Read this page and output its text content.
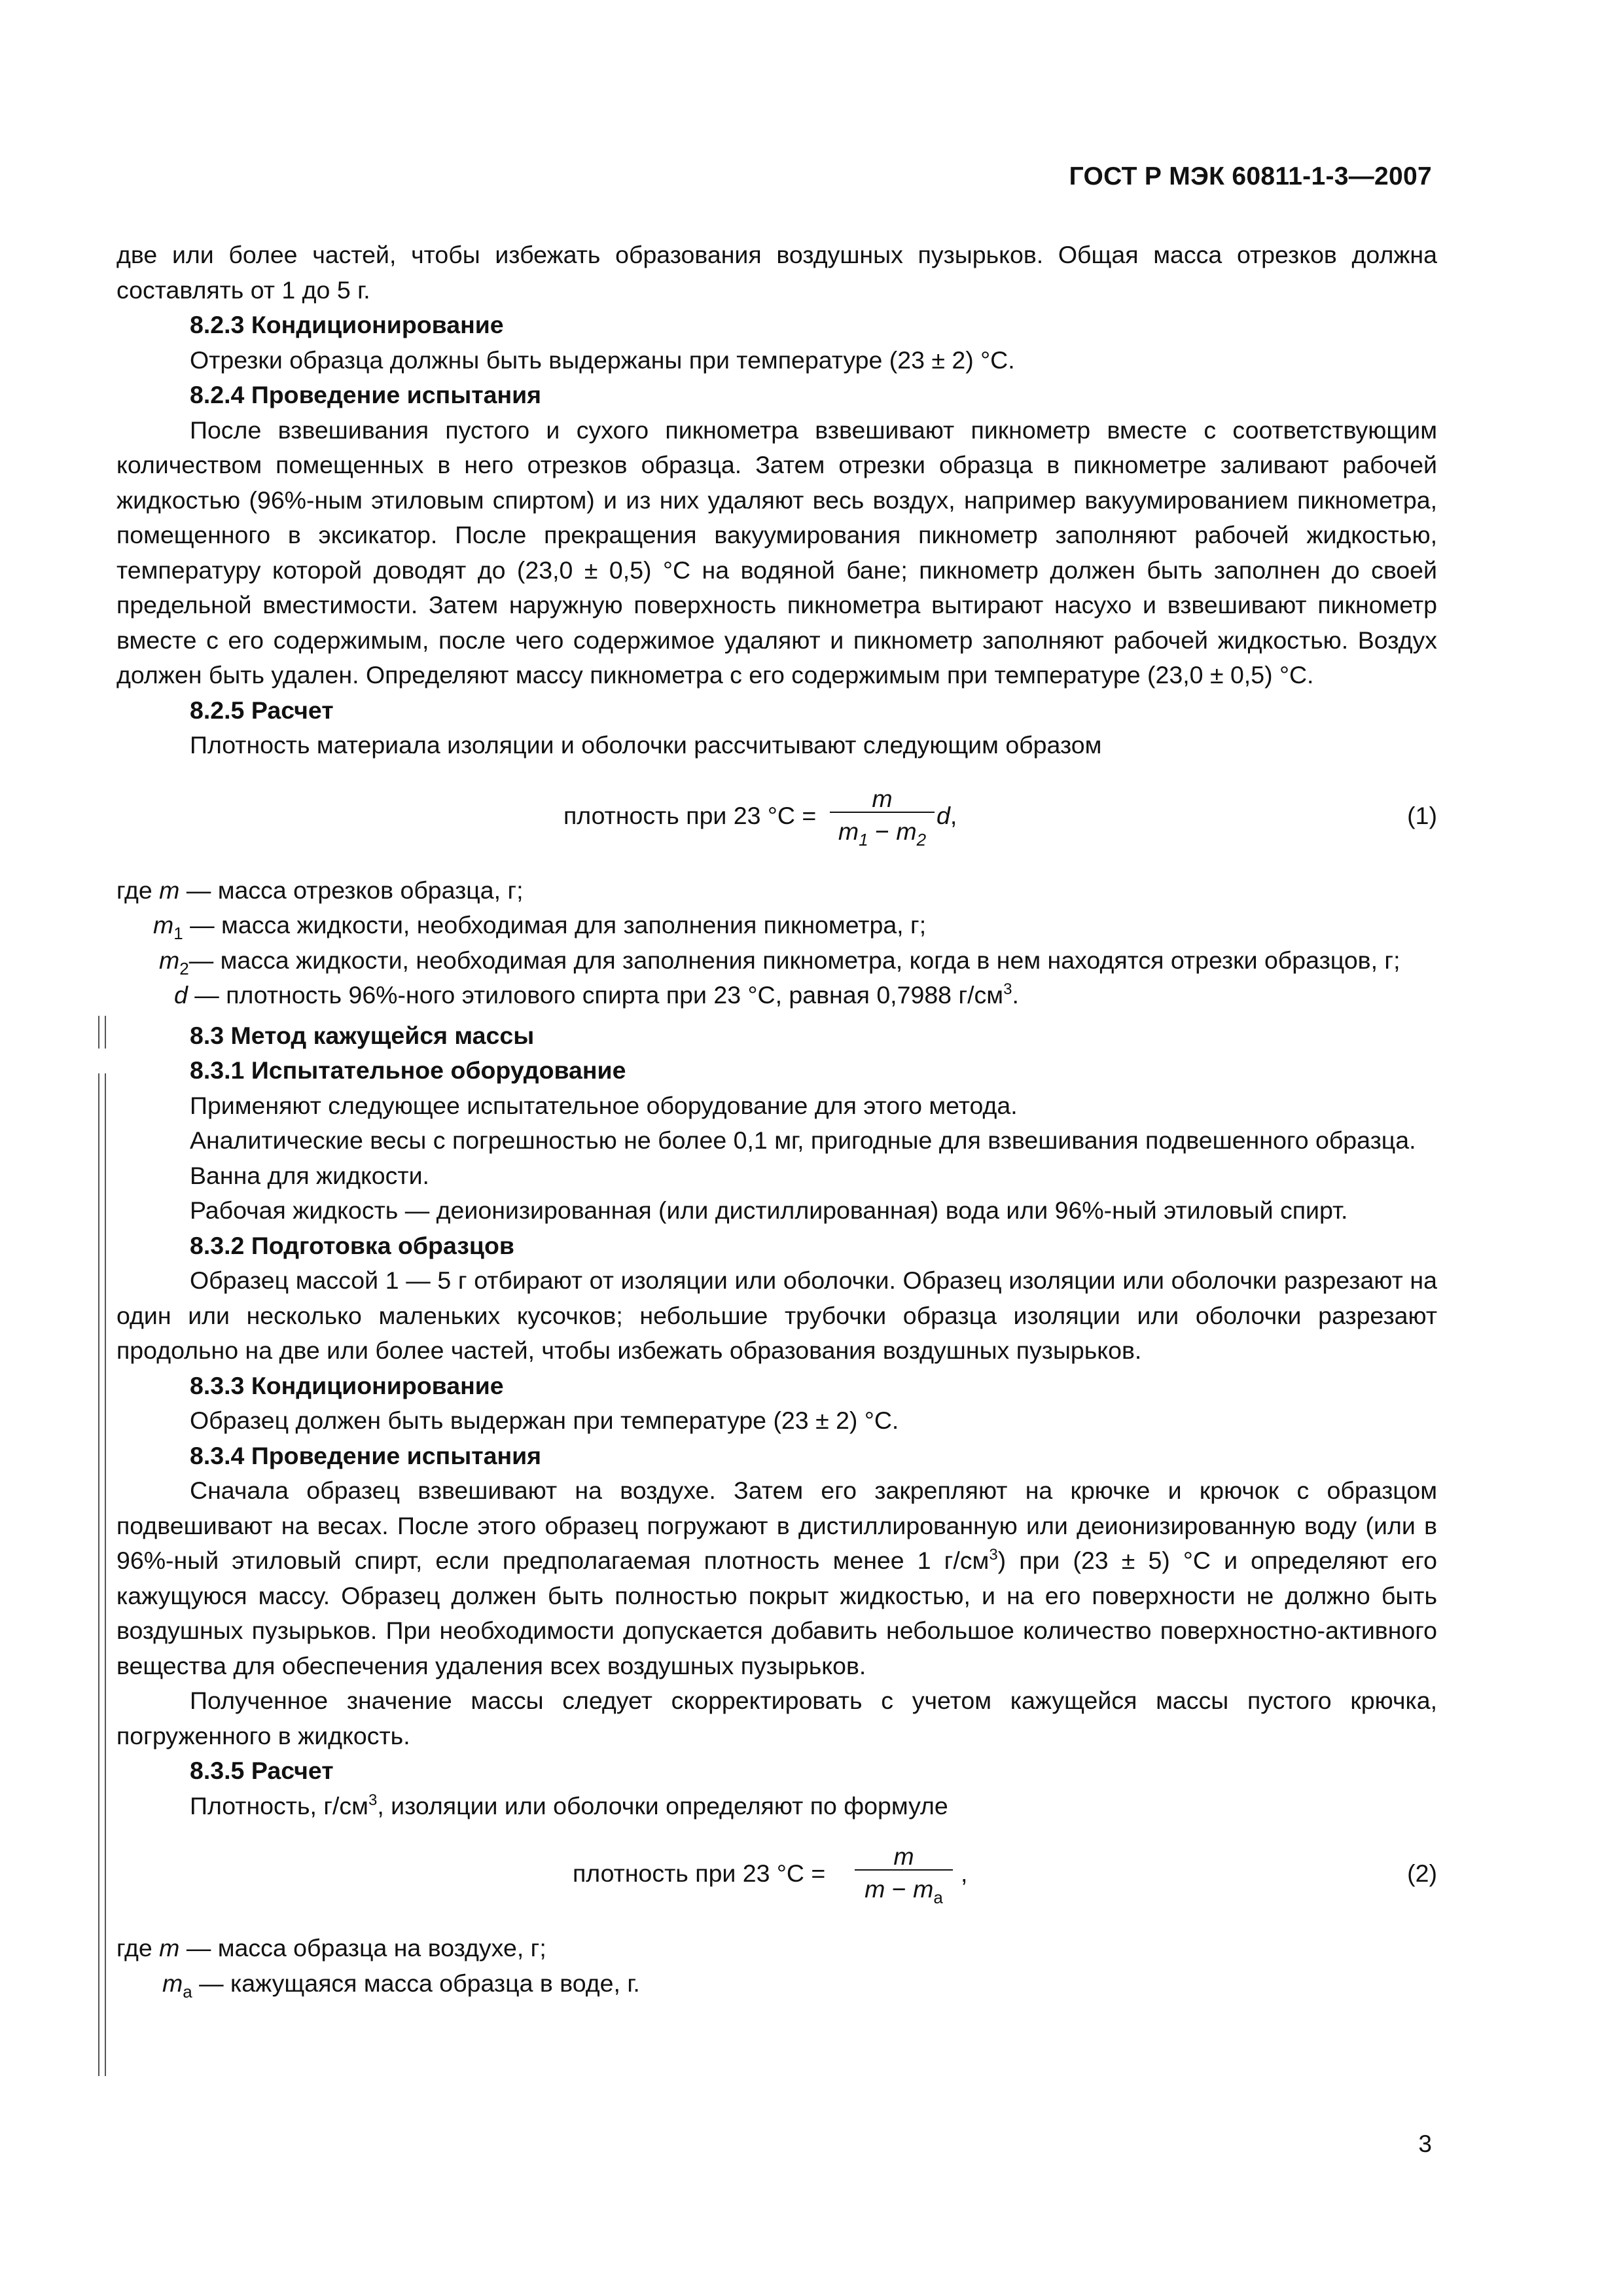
ГОСТ Р МЭК 60811-1-3—2007

две или более частей, чтобы избежать образования воздушных пузырьков. Общая масса отрезков должна составлять от 1 до 5 г.

8.2.3 Кондиционирование

Отрезки образца должны быть выдержаны при температуре (23 ± 2) °С.

8.2.4 Проведение испытания

После взвешивания пустого и сухого пикнометра взвешивают пикнометр вместе с соответствующим количеством помещенных в него отрезков образца. Затем отрезки образца в пикнометре заливают рабочей жидкостью (96%-ным этиловым спиртом) и из них удаляют весь воздух, например вакуумированием пикнометра, помещенного в эксикатор. После прекращения вакуумирования пикнометр заполняют рабочей жидкостью, температуру которой доводят до (23,0 ± 0,5) °С на водяной бане; пикнометр должен быть заполнен до своей предельной вместимости. Затем наружную поверхность пикнометра вытирают насухо и взвешивают пикнометр вместе с его содержимым, после чего содержимое удаляют и пикнометр заполняют рабочей жидкостью. Воздух должен быть удален. Определяют массу пикнометра с его содержимым при температуре (23,0 ± 0,5) °С.

8.2.5 Расчет

Плотность материала изоляции и оболочки рассчитывают следующим образом

плотность при 23 °С =
m
$m_1 - m_2$
d,	(1)

где m — масса отрезков образца, г;

$m_1$ — масса жидкости, необходимая для заполнения пикнометра, г;

$m_2—$ масса жидкости, необходимая для заполнения пикнометра, когда в нем находятся отрезки образцов, г;

d — плотность 96%-ного этилового спирта при 23 °С, равная 0,7988 $г/см^3$.

8.3 Метод кажущейся массы

8.3.1 Испытательное оборудование

Применяют следующее испытательное оборудование для этого метода.

Аналитические весы с погрешностью не более 0,1 мг, пригодные для взвешивания подвешенного образца.

Ванна для жидкости.

Рабочая жидкость — деионизированная (или дистиллированная) вода или 96%-ный этиловый спирт.

8.3.2 Подготовка образцов

Образец массой 1 — 5 г отбирают от изоляции или оболочки. Образец изоляции или оболочки разрезают на один или несколько маленьких кусочков; небольшие трубочки образца изоляции или оболочки разрезают продольно на две или более частей, чтобы избежать образования воздушных пузырьков.

8.3.3 Кондиционирование

Образец должен быть выдержан при температуре (23 ± 2) °С.

8.3.4 Проведение испытания

Сначала образец взвешивают на воздухе. Затем его закрепляют на крючке и крючок с образцом подвешивают на весах. После этого образец погружают в дистиллированную или деионизированную воду (или в 96%-ный этиловый спирт, если предполагаемая плотность менее 1 $г/см^3$) при (23 ± 5) °С и определяют его кажущуюся массу. Образец должен быть полностью покрыт жидкостью, и на его поверхности не должно быть воздушных пузырьков. При необходимости допускается добавить небольшое количество поверхностно-активного вещества для обеспечения удаления всех воздушных пузырьков.

Полученное значение массы следует скорректировать с учетом кажущейся массы пустого крючка, погруженного в жидкость.

8.3.5 Расчет

Плотность, $г/см^3$, изоляции или оболочки определяют по формуле

плотность при 23 °С =
m
$m - m_a$
,	(2)

где m — масса образца на воздухе, г;

$m_a$ — кажущаяся масса образца в воде, г.

3
